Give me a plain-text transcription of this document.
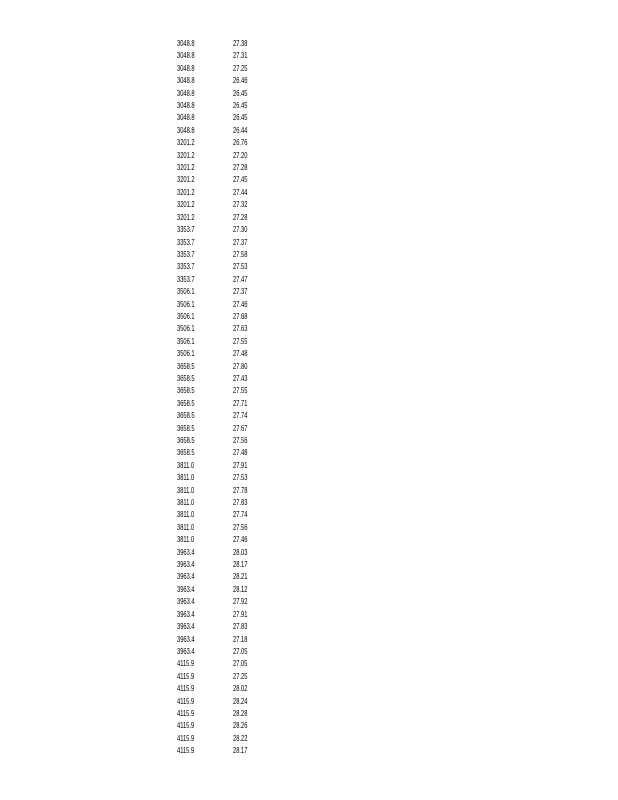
3048.8	27.38
3048.8	27.31
3048.8	27.25
3048.8	26.46
3048.8	26.45
3048.8	26.45
3048.8	26.45
3048.8	26.44
3201.2	26.76
3201.2	27.20
3201.2	27.28
3201.2	27.45
3201.2	27.44
3201.2	27.32
3201.2	27.28
3353.7	27.30
3353.7	27.37
3353.7	27.58
3353.7	27.53
3353.7	27.47
3506.1	27.37
3506.1	27.46
3506.1	27.68
3506.1	27.63
3506.1	27.55
3506.1	27.48
3658.5	27.80
3658.5	27.43
3658.5	27.55
3658.5	27.71
3658.5	27.74
3658.5	27.67
3658.5	27.56
3658.5	27.48
3811.0	27.91
3811.0	27.53
3811.0	27.78
3811.0	27.83
3811.0	27.74
3811.0	27.56
3811.0	27.46
3963.4	28.03
3963.4	28.17
3963.4	28.21
3963.4	28.12
3963.4	27.92
3963.4	27.91
3963.4	27.83
3963.4	27.18
3963.4	27.05
4115.9	27.05
4115.9	27.25
4115.9	28.02
4115.9	28.24
4115.9	28.28
4115.9	28.26
4115.9	28.22
4115.9	28.17
